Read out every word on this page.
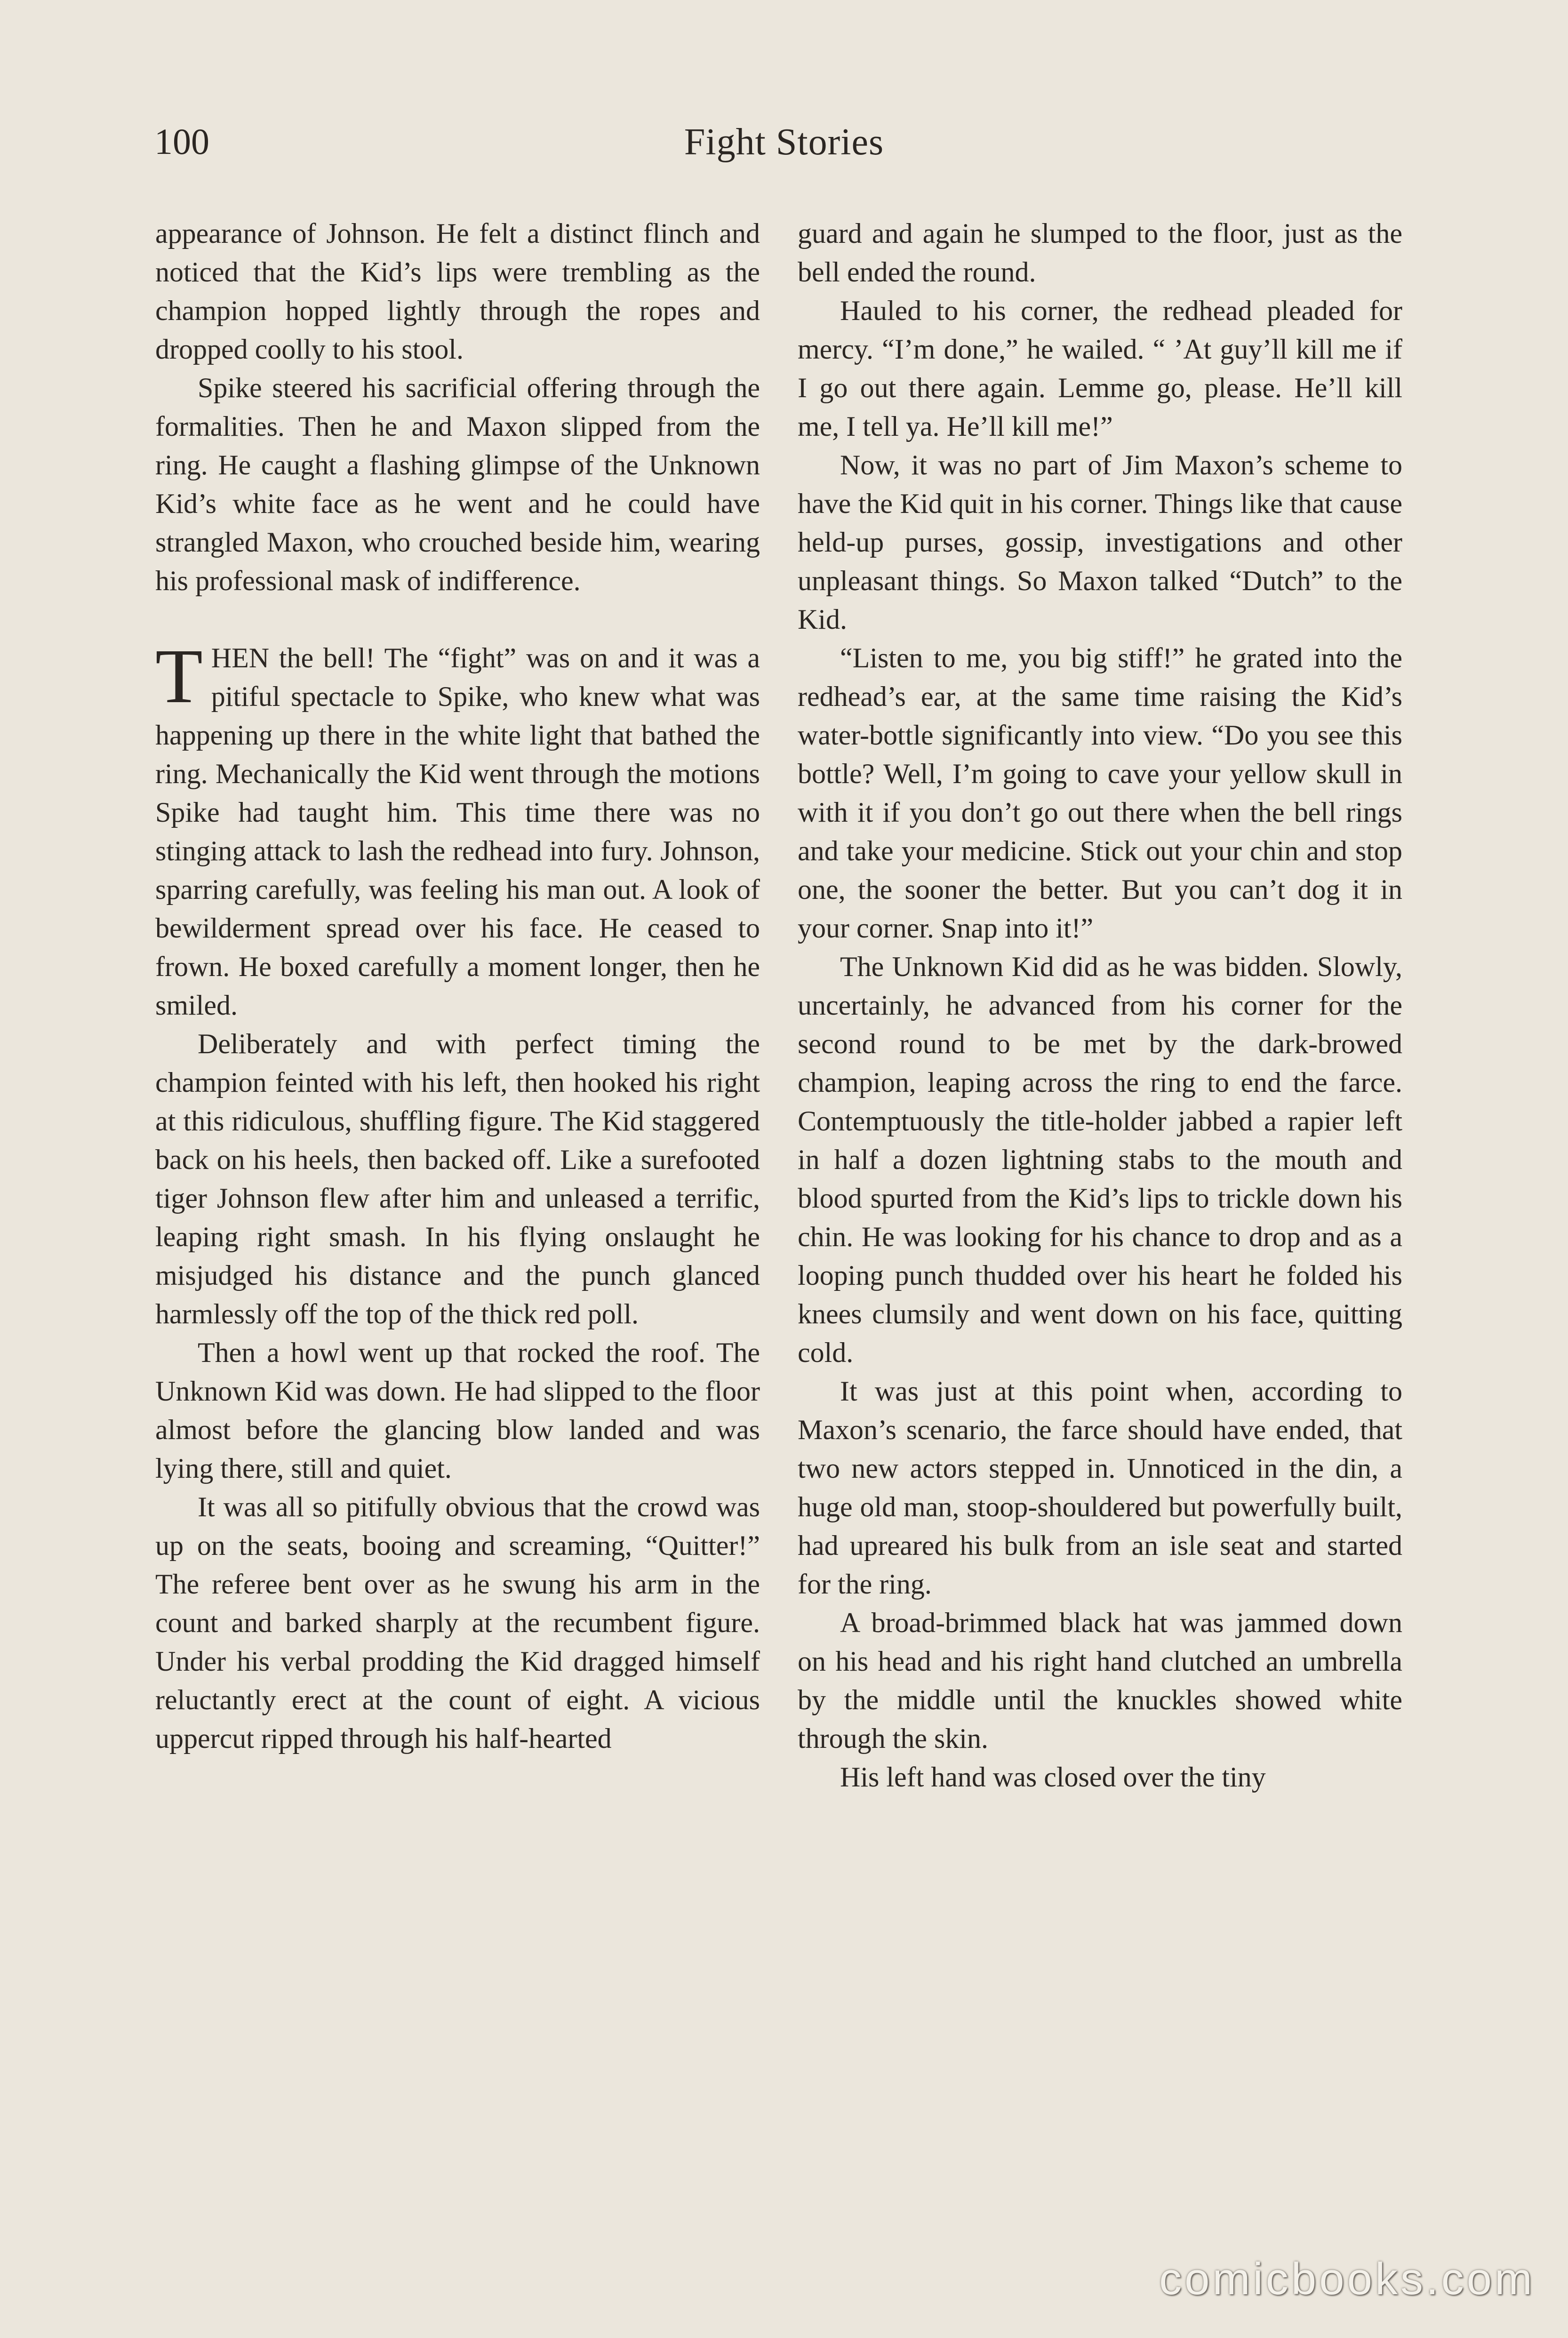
100	Fight Stories

appearance of Johnson. He felt a distinct flinch and noticed that the Kid’s lips were trembling as the champion hopped lightly through the ropes and dropped coolly to his stool.

Spike steered his sacrificial offering through the formalities. Then he and Maxon slipped from the ring. He caught a flashing glimpse of the Unknown Kid’s white face as he went and he could have strangled Maxon, who crouched beside him, wearing his professional mask of indifference.

THEN the bell! The “fight” was on and it was a pitiful spectacle to Spike, who knew what was happening up there in the white light that bathed the ring. Mechanically the Kid went through the motions Spike had taught him. This time there was no stinging attack to lash the redhead into fury. Johnson, sparring carefully, was feeling his man out. A look of bewilderment spread over his face. He ceased to frown. He boxed carefully a moment longer, then he smiled.

Deliberately and with perfect timing the champion feinted with his left, then hooked his right at this ridiculous, shuffling figure. The Kid staggered back on his heels, then backed off. Like a surefooted tiger Johnson flew after him and unleased a terrific, leaping right smash. In his flying onslaught he misjudged his distance and the punch glanced harmlessly off the top of the thick red poll.

Then a howl went up that rocked the roof. The Unknown Kid was down. He had slipped to the floor almost before the glancing blow landed and was lying there, still and quiet.

It was all so pitifully obvious that the crowd was up on the seats, booing and screaming, “Quitter!” The referee bent over as he swung his arm in the count and barked sharply at the recumbent figure. Under his verbal prodding the Kid dragged himself reluctantly erect at the count of eight. A vicious uppercut ripped through his half-hearted

guard and again he slumped to the floor, just as the bell ended the round.

Hauled to his corner, the redhead pleaded for mercy. “I’m done,” he wailed. “ ’At guy’ll kill me if I go out there again. Lemme go, please. He’ll kill me, I tell ya. He’ll kill me!”

Now, it was no part of Jim Maxon’s scheme to have the Kid quit in his corner. Things like that cause held-up purses, gossip, investigations and other unpleasant things. So Maxon talked “Dutch” to the Kid.

“Listen to me, you big stiff!” he grated into the redhead’s ear, at the same time raising the Kid’s water-bottle significantly into view. “Do you see this bottle? Well, I’m going to cave your yellow skull in with it if you don’t go out there when the bell rings and take your medicine. Stick out your chin and stop one, the sooner the better. But you can’t dog it in your corner. Snap into it!”

The Unknown Kid did as he was bidden. Slowly, uncertainly, he advanced from his corner for the second round to be met by the dark-browed champion, leaping across the ring to end the farce. Contemptuously the title-holder jabbed a rapier left in half a dozen lightning stabs to the mouth and blood spurted from the Kid’s lips to trickle down his chin. He was looking for his chance to drop and as a looping punch thudded over his heart he folded his knees clumsily and went down on his face, quitting cold.

It was just at this point when, according to Maxon’s scenario, the farce should have ended, that two new actors stepped in. Unnoticed in the din, a huge old man, stoop-shouldered but powerfully built, had upreared his bulk from an isle seat and started for the ring.

A broad-brimmed black hat was jammed down on his head and his right hand clutched an umbrella by the middle until the knuckles showed white through the skin.

His left hand was closed over the tiny

comicbooks.com
